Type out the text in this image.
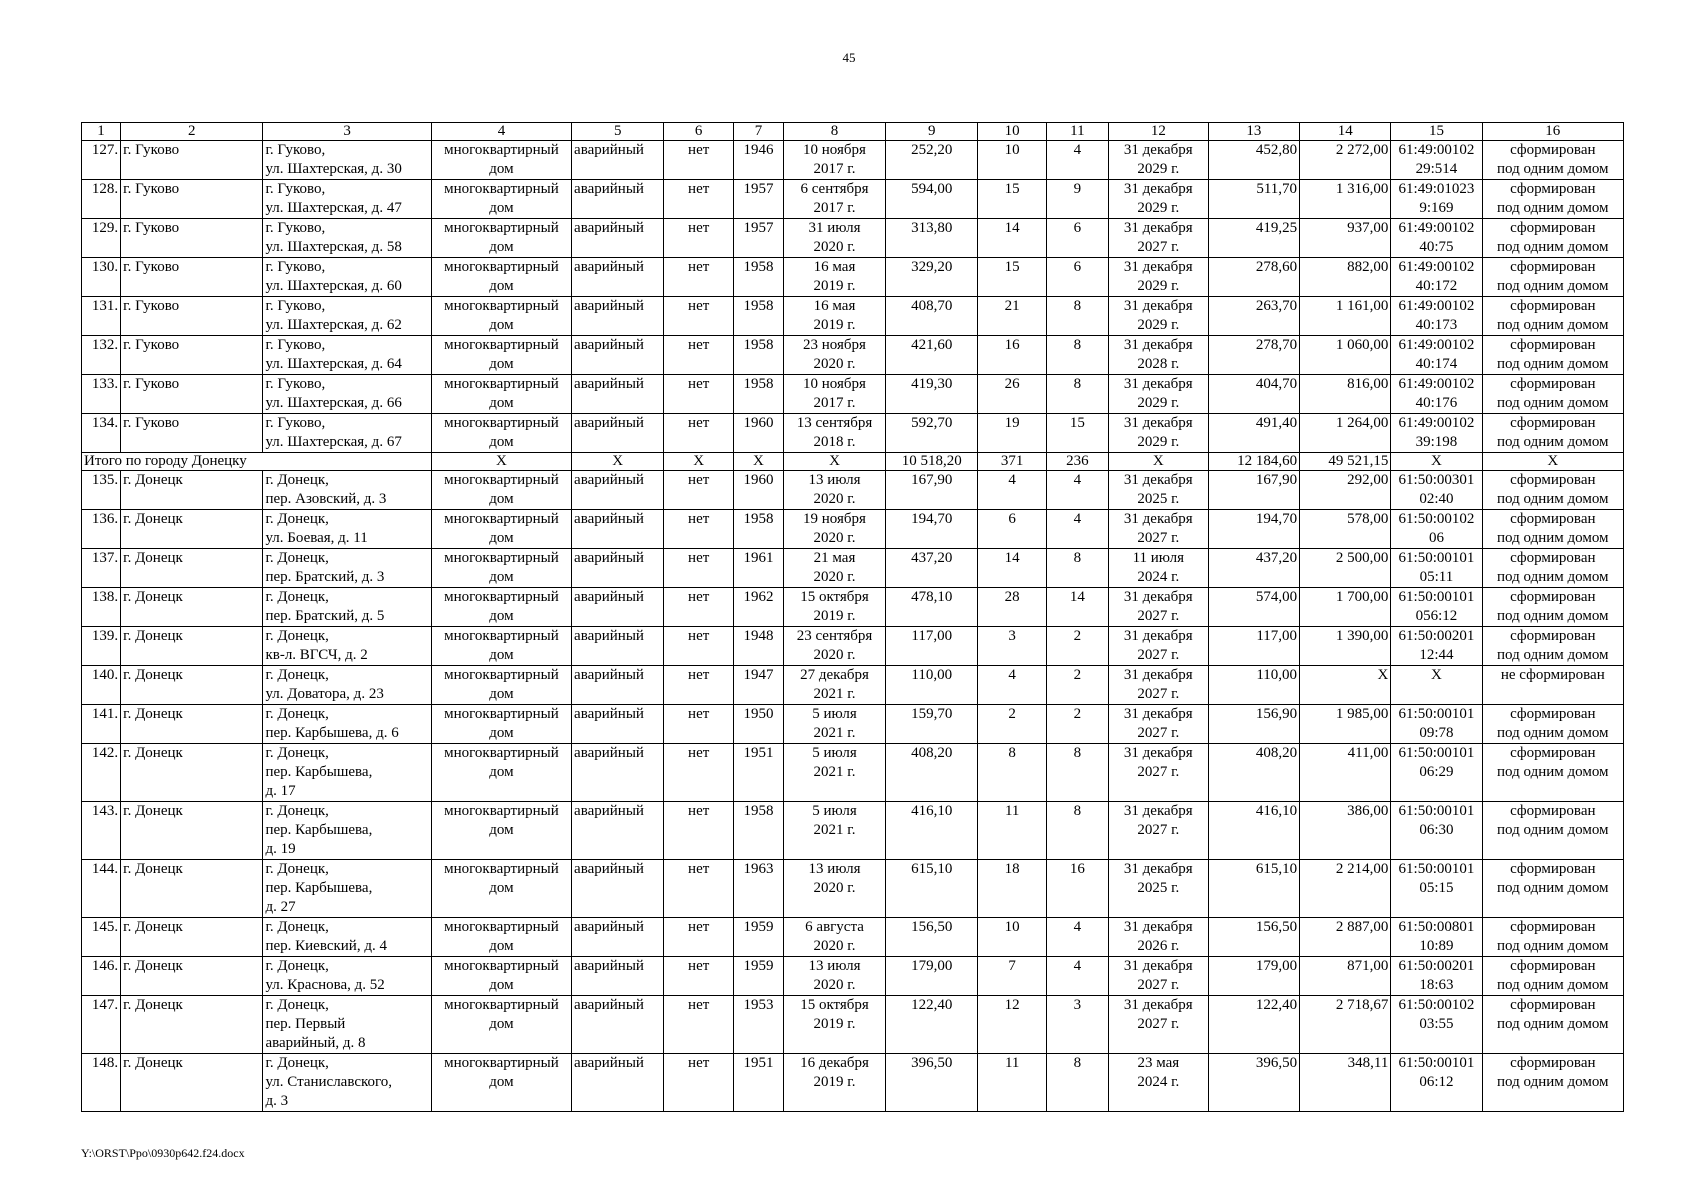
45
1	2	3	4	5	6	7	8	9	10	11	12	13	14	15	16
127.	г. Гуково	г. Гуково,
ул. Шахтерская, д. 30	многоквартирный
дом	аварийный	нет	1946	10 ноября
2017 г.	252,20	10	4	31 декабря
2029 г.	452,80	2 272,00	61:49:00102
29:514	сформирован
под одним домом
128.	г. Гуково	г. Гуково,
ул. Шахтерская, д. 47	многоквартирный
дом	аварийный	нет	1957	6 сентября
2017 г.	594,00	15	9	31 декабря
2029 г.	511,70	1 316,00	61:49:01023
9:169	сформирован
под одним домом
129.	г. Гуково	г. Гуково,
ул. Шахтерская, д. 58	многоквартирный
дом	аварийный	нет	1957	31 июля
2020 г.	313,80	14	6	31 декабря
2027 г.	419,25	937,00	61:49:00102
40:75	сформирован
под одним домом
130.	г. Гуково	г. Гуково,
ул. Шахтерская, д. 60	многоквартирный
дом	аварийный	нет	1958	16 мая
2019 г.	329,20	15	6	31 декабря
2029 г.	278,60	882,00	61:49:00102
40:172	сформирован
под одним домом
131.	г. Гуково	г. Гуково,
ул. Шахтерская, д. 62	многоквартирный
дом	аварийный	нет	1958	16 мая
2019 г.	408,70	21	8	31 декабря
2029 г.	263,70	1 161,00	61:49:00102
40:173	сформирован
под одним домом
132.	г. Гуково	г. Гуково,
ул. Шахтерская, д. 64	многоквартирный
дом	аварийный	нет	1958	23 ноября
2020 г.	421,60	16	8	31 декабря
2028 г.	278,70	1 060,00	61:49:00102
40:174	сформирован
под одним домом
133.	г. Гуково	г. Гуково,
ул. Шахтерская, д. 66	многоквартирный
дом	аварийный	нет	1958	10 ноября
2017 г.	419,30	26	8	31 декабря
2029 г.	404,70	816,00	61:49:00102
40:176	сформирован
под одним домом
134.	г. Гуково	г. Гуково,
ул. Шахтерская, д. 67	многоквартирный
дом	аварийный	нет	1960	13 сентября
2018 г.	592,70	19	15	31 декабря
2029 г.	491,40	1 264,00	61:49:00102
39:198	сформирован
под одним домом
Итого по городу Донецку			Х	Х	Х	Х	Х	10 518,20	371	236	Х	12 184,60	49 521,15	Х	Х
135.	г. Донецк	г. Донецк,
пер. Азовский, д. 3	многоквартирный
дом	аварийный	нет	1960	13 июля
2020 г.	167,90	4	4	31 декабря
2025 г.	167,90	292,00	61:50:00301
02:40	сформирован
под одним домом
136.	г. Донецк	г. Донецк,
ул. Боевая, д. 11	многоквартирный
дом	аварийный	нет	1958	19 ноября
2020 г.	194,70	6	4	31 декабря
2027 г.	194,70	578,00	61:50:00102
06	сформирован
под одним домом
137.	г. Донецк	г. Донецк,
пер. Братский, д. 3	многоквартирный
дом	аварийный	нет	1961	21 мая
2020 г.	437,20	14	8	11 июля
2024 г.	437,20	2 500,00	61:50:00101
05:11	сформирован
под одним домом
138.	г. Донецк	г. Донецк,
пер. Братский, д. 5	многоквартирный
дом	аварийный	нет	1962	15 октября
2019 г.	478,10	28	14	31 декабря
2027 г.	574,00	1 700,00	61:50:00101
056:12	сформирован
под одним домом
139.	г. Донецк	г. Донецк,
кв-л. ВГСЧ, д. 2	многоквартирный
дом	аварийный	нет	1948	23 сентября
2020 г.	117,00	3	2	31 декабря
2027 г.	117,00	1 390,00	61:50:00201
12:44	сформирован
под одним домом
140.	г. Донецк	г. Донецк,
ул. Доватора, д. 23	многоквартирный
дом	аварийный	нет	1947	27 декабря
2021 г.	110,00	4	2	31 декабря
2027 г.	110,00	Х	Х	не сформирован
141.	г. Донецк	г. Донецк,
пер. Карбышева, д. 6	многоквартирный
дом	аварийный	нет	1950	5 июля
2021 г.	159,70	2	2	31 декабря
2027 г.	156,90	1 985,00	61:50:00101
09:78	сформирован
под одним домом
142.	г. Донецк	г. Донецк,
пер. Карбышева,
д. 17	многоквартирный
дом	аварийный	нет	1951	5 июля
2021 г.	408,20	8	8	31 декабря
2027 г.	408,20	411,00	61:50:00101
06:29	сформирован
под одним домом
143.	г. Донецк	г. Донецк,
пер. Карбышева,
д. 19	многоквартирный
дом	аварийный	нет	1958	5 июля
2021 г.	416,10	11	8	31 декабря
2027 г.	416,10	386,00	61:50:00101
06:30	сформирован
под одним домом
144.	г. Донецк	г. Донецк,
пер. Карбышева,
д. 27	многоквартирный
дом	аварийный	нет	1963	13 июля
2020 г.	615,10	18	16	31 декабря
2025 г.	615,10	2 214,00	61:50:00101
05:15	сформирован
под одним домом
145.	г. Донецк	г. Донецк,
пер. Киевский, д. 4	многоквартирный
дом	аварийный	нет	1959	6 августа
2020 г.	156,50	10	4	31 декабря
2026 г.	156,50	2 887,00	61:50:00801
10:89	сформирован
под одним домом
146.	г. Донецк	г. Донецк,
ул. Краснова, д. 52	многоквартирный
дом	аварийный	нет	1959	13 июля
2020 г.	179,00	7	4	31 декабря
2027 г.	179,00	871,00	61:50:00201
18:63	сформирован
под одним домом
147.	г. Донецк	г. Донецк,
пер. Первый
аварийный, д. 8	многоквартирный
дом	аварийный	нет	1953	15 октября
2019 г.	122,40	12	3	31 декабря
2027 г.	122,40	2 718,67	61:50:00102
03:55	сформирован
под одним домом
148.	г. Донецк	г. Донецк,
ул. Станиславского,
д. 3	многоквартирный
дом	аварийный	нет	1951	16 декабря
2019 г.	396,50	11	8	23 мая
2024 г.	396,50	348,11	61:50:00101
06:12	сформирован
под одним домом
Y:\ORST\Ppo\0930p642.f24.docx
